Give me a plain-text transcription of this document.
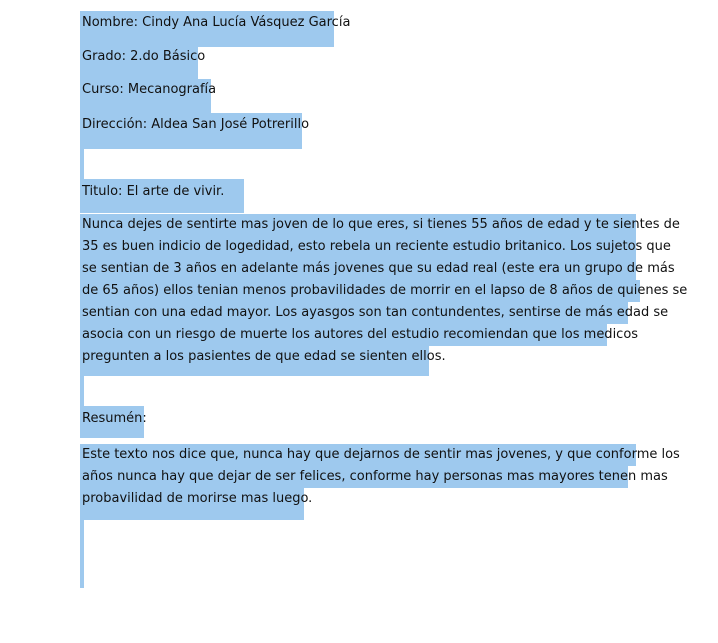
Nombre: Cindy Ana Lucía Vásquez García
Grado: 2.do Básico
Curso: Mecanografía
Dirección: Aldea San José Potrerillo
Titulo: El arte de vivir.
Nunca dejes de sentirte mas joven de lo que eres, si tienes 55 años de edad y te sientes de
35 es buen indicio de logedidad, esto rebela un reciente estudio britanico. Los sujetos que
se sentian de 3 años en adelante más jovenes que su edad real (este era un grupo de más
de 65 años) ellos tenian menos probavilidades de morrir en el lapso de 8 años de quienes se
sentian con una edad mayor. Los ayasgos son tan contundentes, sentirse de más edad se
asocia con un riesgo de muerte los autores del estudio recomiendan que los medicos
pregunten a los pasientes de que edad se sienten ellos.
Resumén:
Este texto nos dice que, nunca hay que dejarnos de sentir mas jovenes, y que conforme los
años nunca hay que dejar de ser felices, conforme hay personas mas mayores tenen mas
probavilidad de morirse mas luego.
